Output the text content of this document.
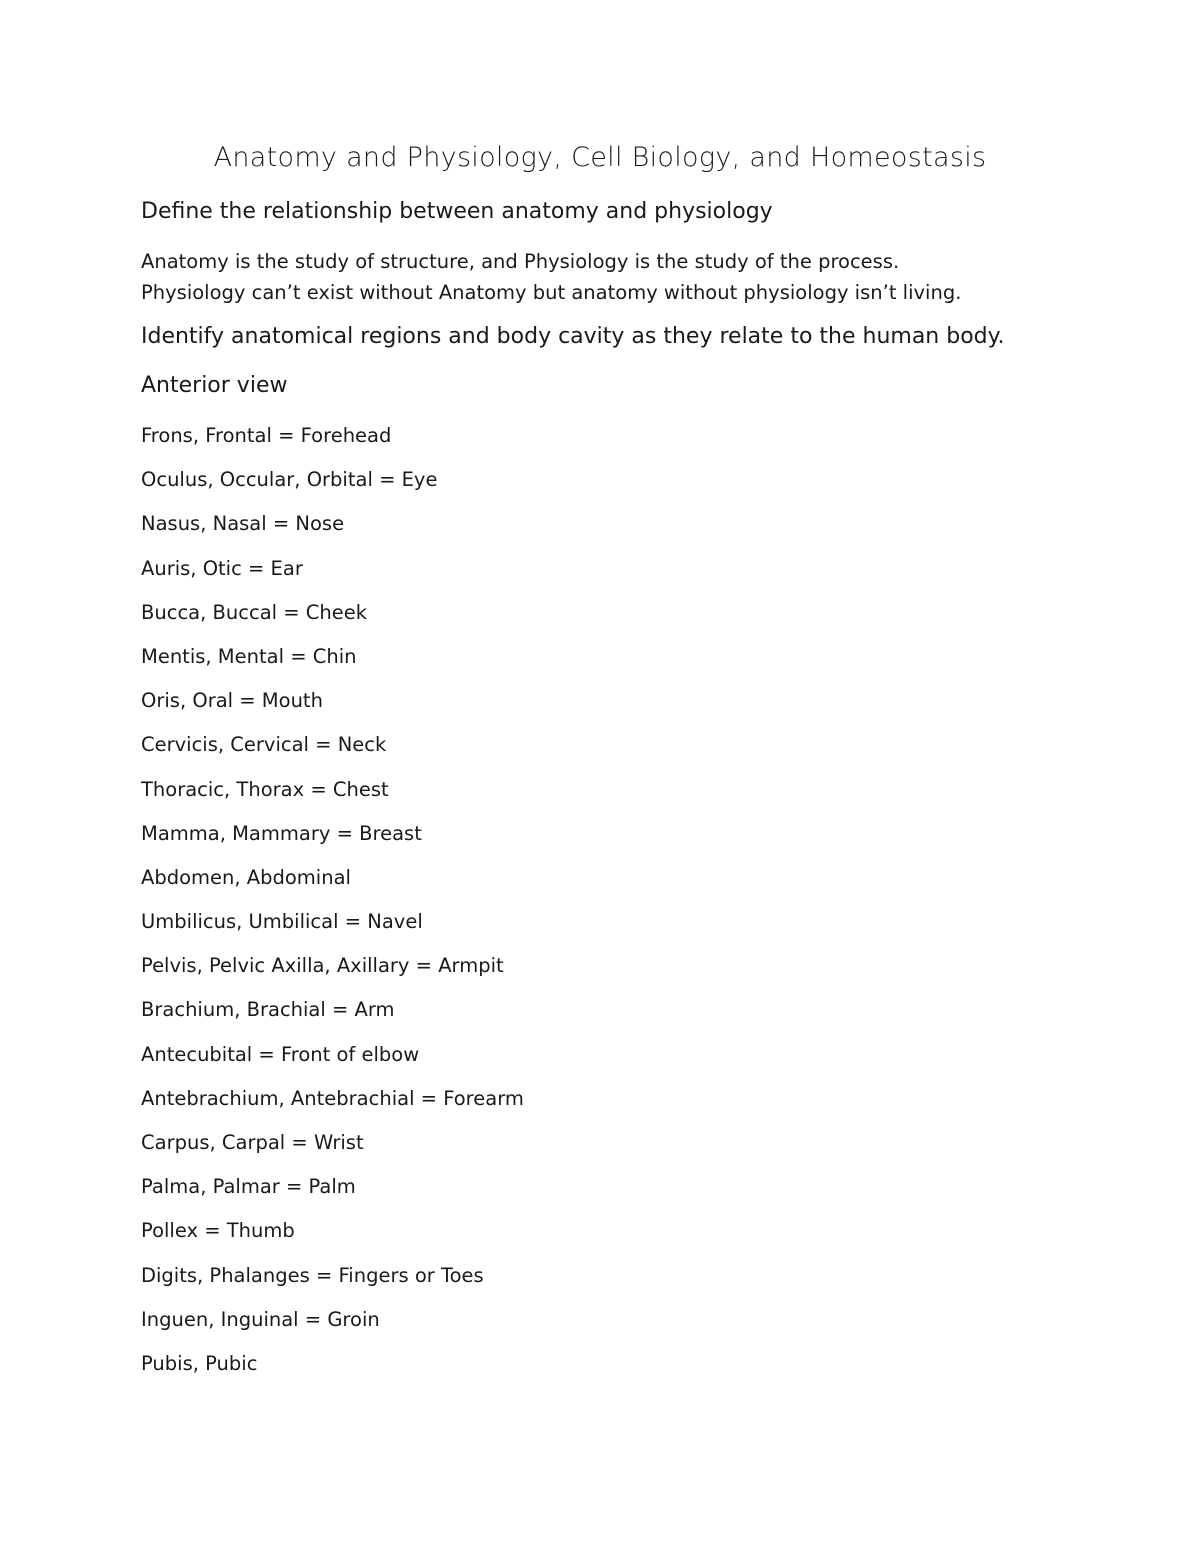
Anatomy and Physiology, Cell Biology, and Homeostasis
Define the relationship between anatomy and physiology

Anatomy is the study of structure, and Physiology is the study of the process.

Physiology can’t exist without Anatomy but anatomy without physiology isn’t living.

Identify anatomical regions and body cavity as they relate to the human body.
Anterior view
Frons, Frontal = Forehead
Oculus, Occular, Orbital = Eye
Nasus, Nasal = Nose
Auris, Otic = Ear
Bucca, Buccal = Cheek
Mentis, Mental = Chin
Oris, Oral = Mouth
Cervicis, Cervical = Neck
Thoracic, Thorax = Chest
Mamma, Mammary = Breast
Abdomen, Abdominal
Umbilicus, Umbilical = Navel
Pelvis, Pelvic Axilla, Axillary = Armpit
Brachium, Brachial = Arm
Antecubital = Front of elbow
Antebrachium, Antebrachial = Forearm
Carpus, Carpal = Wrist
Palma, Palmar = Palm
Pollex = Thumb
Digits, Phalanges = Fingers or Toes
Inguen, Inguinal = Groin
Pubis, Pubic
